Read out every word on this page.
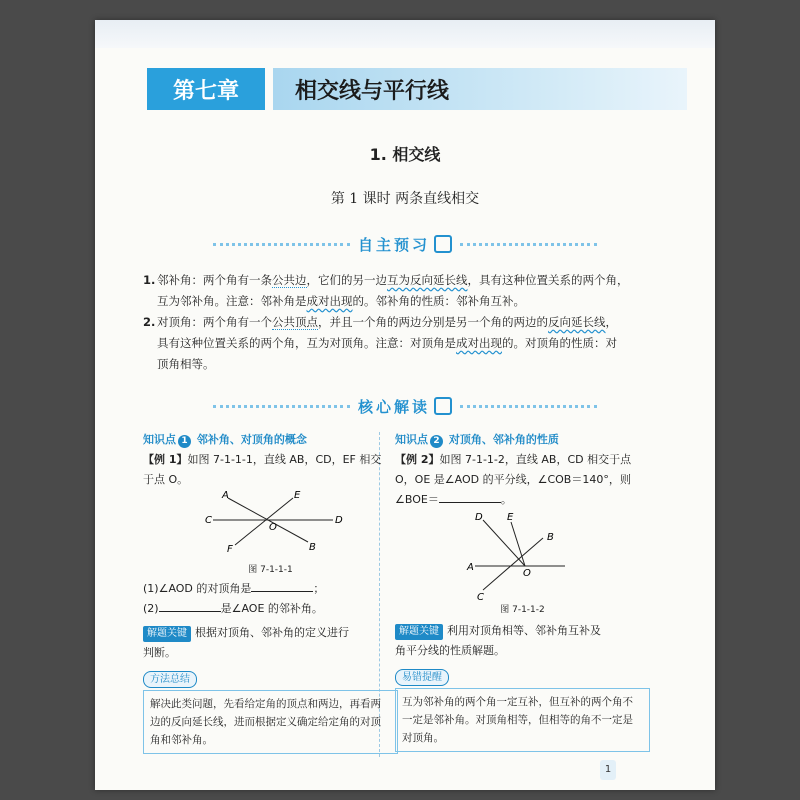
第七章	相交线与平行线
1. 相交线
第 1 课时 两条直线相交
自主预习
1. 邻补角：两个角有一条公共边，它们的另一边互为反向延长线，具有这种位置关系的两个角，
互为邻补角。注意：邻补角是成对出现的。邻补角的性质：邻补角互补。
2. 对顶角：两个角有一个公共顶点，并且一个角的两边分别是另一个角的两边的反向延长线，
具有这种位置关系的两个角，互为对顶角。注意：对顶角是成对出现的。对顶角的性质：对
顶角相等。
核心解读
知识点 1 邻补角、对顶角的概念
【例 1】如图 7-1-1-1，直线 AB，CD，EF 相交
于点 O。
A	E
C	D
O
F	B
图 7-1-1-1
(1)∠AOD 的对顶角是	；
(2)	是∠AOE 的邻补角。
解题关键 根据对顶角、邻补角的定义进行
判断。
方法总结
解决此类问题，先看给定角的顶点和两边，再看两边的反向延长线，进而根据定义确定给定角的对顶角和邻补角。
知识点 2 对顶角、邻补角的性质
【例 2】如图 7-1-1-2，直线 AB，CD 相交于点
O，OE 是∠AOD 的平分线，∠COB＝140°，则
∠BOE＝	。
D E
B
A
O
C
图 7-1-1-2
解题关键 利用对顶角相等、邻补角互补及
角平分线的性质解题。
易错提醒
互为邻补角的两个角一定互补，但互补的两个角不一定是邻补角。对顶角相等，但相等的角不一定是对顶角。
1
